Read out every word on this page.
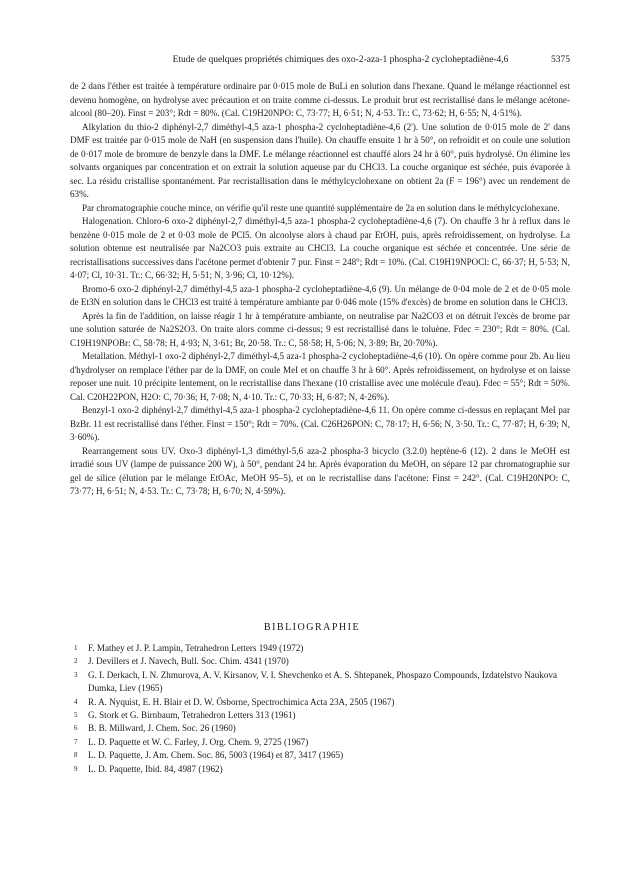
Etude de quelques propriétés chimiques des oxo-2-aza-1 phospha-2 cycloheptadiène-4,6	5375

de 2 dans l'éther est traitée à température ordinaire par 0·015 mole de BuLi en solution dans l'hexane. Quand le mélange réactionnel est devenu homogène, on hydrolyse avec précaution et on traite comme ci-dessus. Le produit brut est recristallisé dans le mélange acétone-alcool (80–20). Finst = 203°; Rdt = 80%. (Cal. C19H20NPO: C, 73·77; H, 6·51; N, 4·53. Tr.: C, 73·62; H, 6·55; N, 4·51%).

Alkylation du thio-2 diphényl-2,7 diméthyl-4,5 aza-1 phospha-2 cycloheptadiène-4,6 (2'). Une solution de 0·015 mole de 2' dans DMF est traitée par 0·015 mole de NaH (en suspension dans l'huile). On chauffe ensuite 1 hr à 50°, on refroidit et on coule une solution de 0·017 mole de bromure de benzyle dans la DMF. Le mélange réactionnel est chauffé alors 24 hr à 60°, puis hydrolysé. On élimine les solvants organiques par concentration et on extrait la solution aqueuse par du CHCl3. La couche organique est séchée, puis évaporée à sec. La résidu cristallise spontanément. Par recristallisation dans le méthylcyclohexane on obtient 2a (F = 196°) avec un rendement de 63%.

Par chromatographie couche mince, on vérifie qu'il reste une quantité supplémentaire de 2a en solution dans le méthylcyclohexane.

Halogenation. Chloro-6 oxo-2 diphényl-2,7 diméthyl-4,5 aza-1 phospha-2 cycloheptadiène-4,6 (7). On chauffe 3 hr à reflux dans le benzène 0·015 mole de 2 et 0·03 mole de PCl5. On alcoolyse alors à chaud par EtOH, puis, après refroidissement, on hydrolyse. La solution obtenue est neutralisée par Na2CO3 puis extraite au CHCl3. La couche organique est séchée et concentrée. Une série de recristallisations successives dans l'acétone permet d'obtenir 7 pur. Finst = 248°; Rdt = 10%. (Cal. C19H19NPOCl: C, 66·37; H, 5·53; N, 4·07; Cl, 10·31. Tr.: C, 66·32; H, 5·51; N, 3·96; Cl, 10·12%).

Bromo-6 oxo-2 diphényl-2,7 diméthyl-4,5 aza-1 phospha-2 cycloheptadiène-4,6 (9). Un mélange de 0·04 mole de 2 et de 0·05 mole de Et3N en solution dans le CHCl3 est traité à température ambiante par 0·046 mole (15% d'excès) de brome en solution dans le CHCl3.

Après la fin de l'addition, on laisse réagir 1 hr à température ambiante, on neutralise par Na2CO3 et on détruit l'excès de brome par une solution saturée de Na2S2O3. On traite alors comme ci-dessus; 9 est recristallisé dans le toluène. Fdec = 230°; Rdt = 80%. (Cal. C19H19NPOBr: C, 58·78; H, 4·93; N, 3·61; Br, 20·58. Tr.: C, 58·58; H, 5·06; N, 3·89; Br, 20·70%).

Metallation. Méthyl-1 oxo-2 diphényl-2,7 diméthyl-4,5 aza-1 phospha-2 cycloheptadiène-4,6 (10). On opère comme pour 2b. Au lieu d'hydrolyser on remplace l'éther par de la DMF, on coule MeI et on chauffe 3 hr à 60°. Après refroidissement, on hydrolyse et on laisse reposer une nuit. 10 précipite lentement, on le recristallise dans l'hexane (10 cristallise avec une molécule d'eau). Fdec = 55°; Rdt = 50%. Cal. C20H22PON, H2O: C, 70·36; H, 7·08; N, 4·10. Tr.: C, 70·33; H, 6·87; N, 4·26%).

Benzyl-1 oxo-2 diphényl-2,7 diméthyl-4,5 aza-1 phospha-2 cycloheptadiène-4,6 11. On opère comme ci-dessus en replaçant MeI par BzBr. 11 est recristallisé dans l'éther. Finst = 150°; Rdt = 70%. (Cal. C26H26PON: C, 78·17; H, 6·56; N, 3·50. Tr.: C, 77·87; H, 6·39; N, 3·60%).

Rearrangement sous UV. Oxo-3 diphényl-1,3 diméthyl-5,6 aza-2 phospha-3 bicyclo (3.2.0) heptène-6 (12). 2 dans le MeOH est irradié sous UV (lampe de puissance 200 W), à 50°, pendant 24 hr. Après évaporation du MeOH, on sépare 12 par chromatographie sur gel de silice (élution par le mélange EtOAc, MeOH 95–5), et on le recristallise dans l'acétone: Finst = 242°. (Cal. C19H20NPO: C, 73·77; H, 6·51; N, 4·53. Tr.: C, 73·78; H, 6·70; N, 4·59%).

BIBLIOGRAPHIE
1	F. Mathey et J. P. Lampin, Tetrahedron Letters 1949 (1972)
2	J. Devillers et J. Navech, Bull. Soc. Chim. 4341 (1970)
3	G. I. Derkach, I. N. Zhmurova, A. V. Kirsanov, V. I. Shevchenko et A. S. Shtepanek, Phospazo Compounds, Izdatelstvo Naukova Dumka, Liev (1965)
4	R. A. Nyquist, E. H. Blair et D. W. Ösborne, Spectrochimica Acta 23A, 2505 (1967)
5	G. Stork et G. Birnbaum, Tetrahedron Letters 313 (1961)
6	B. B. Millward, J. Chem. Soc. 26 (1960)
7	L. D. Paquette et W. C. Farley, J. Org. Chem. 9, 2725 (1967)
8	L. D. Paquette, J. Am. Chem. Soc. 86, 5003 (1964) et 87, 3417 (1965)
9	L. D. Paquette, Ibid. 84, 4987 (1962)
